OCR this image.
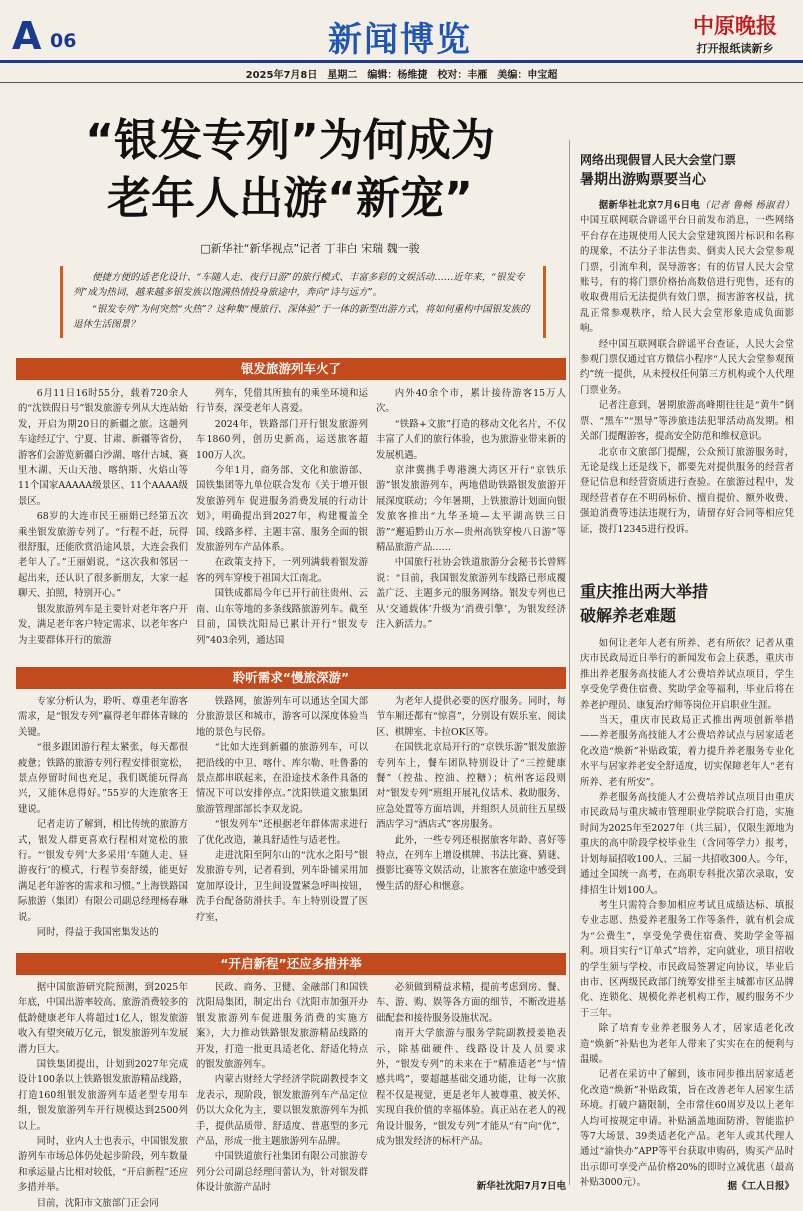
A 06	新闻博览	中原晚报
打开报纸读新乡
2025年7月8日　星期二　编辑：杨维捷　校对：丰雁　美编：申宝超
“银发专列”为何成为
老年人出游“新宠”
□新华社“新华视点”记者 丁非白 宋瑞 魏一骏

便捷方便的适老化设计、“车随人走、夜行日游”的旅行模式、丰富多彩的文娱活动……近年来，“银发专列”成为热词，越来越多银发族以饱满热情投身旅途中，奔向“诗与远方”。

“银发专列”为何突然“火热”？这种集“慢旅行、深体验”于一体的新型出游方式，将如何重构中国银发族的退休生活图景？

银发旅游列车火了

6月11日16时55分，载着720余人的“沈铁假日号”银发旅游专列从大连站始发，开启为期20日的新疆之旅。这趟列车途经辽宁、宁夏、甘肃、新疆等省份，游客们会游览新疆白沙湖、喀什古城、赛里木湖、天山天池、喀纳斯、火焰山等11个国家AAAAA级景区、11个AAAA级景区。

68岁的大连市民王丽娟已经第五次乘坐银发旅游专列了。“行程不赶，玩得很舒服，还能欣赏沿途风景，大连会我们老年人了。”王丽娟说，“这次我和邻居一起出来，还认识了很多新朋友，大家一起聊天、拍照，特别开心。”

银发旅游列车是主要针对老年客户开发，满足老年客户特定需求、以老年客户为主要群体开行的旅游

列车，凭借其所独有的乘坐环境和运行节奏，深受老年人喜爱。

2024年，铁路部门开行银发旅游列车1860列，创历史新高，运送旅客超100万人次。

今年1月，商务部、文化和旅游部、国铁集团等九单位联合发布《关于增开银发旅游列车 促进服务消费发展的行动计划》，明确提出到2027年，构建覆盖全国、线路多样、主题丰富、服务全面的银发旅游列车产品体系。

在政策支持下，一列列满载着银发游客的列车穿梭于祖国大江南北。

国铁成都局今年已开行前往贵州、云南、山东等地的多条线路旅游列车。截至目前，国铁沈阳局已累计开行“银发专列”403余列，通达国

内外40余个市，累计接待游客15万人次。

“铁路+文旅”打造的移动文化名片，不仅丰富了人们的旅行体验，也为旅游业带来新的发展机遇。

京津冀携手粤港澳大湾区开行“京铁乐游”银发旅游列车，两地借助铁路银发旅游开展深度联动；今年暑期，上铁旅游计划面向银发旅客推出“九华圣境—太平湖高铁三日游”“邂逅黔山万水—贵州高铁穿梭八日游”等精品旅游产品……

中国旅行社协会铁道旅游分会秘书长曾辉说：“目前，我国银发旅游列车线路已形成覆盖广泛、主题多元的服务网络。银发专列也已从‘交通载体’升级为‘消费引擎’，为银发经济注入新活力。”

聆听需求“慢旅深游”

专家分析认为，聆听、尊重老年游客需求，是“银发专列”赢得老年群体青睐的关键。

“很多跟团游行程太紧张，每天都很疲惫；铁路的旅游专列行程安排很宽松，景点停留时间也充足，我们既能玩得高兴，又能休息得好。”55岁的大连旅客王建说。

记者走访了解到，相比传统的旅游方式，银发人群更喜欢行程相对宽松的旅行。“‘银发专列’大多采用‘车随人走、昼游夜行’的模式，行程节奏舒缓，能更好满足老年游客的需求和习惯。”上海铁路国际旅游（集团）有限公司副总经理杨春琳说。

同时，得益于我国密集发达的

铁路网，旅游列车可以通达全国大部分旅游景区和城市，游客可以深度体验当地的景色与民俗。

“比如大连到新疆的旅游列车，可以把沿线的中卫、喀什、库尔勒、吐鲁番的景点都串联起来，在沿途技术条件具备的情况下可以安排停点。”沈阳铁道文旅集团旅游管理部部长李双龙说。

“银发列车”还根据老年群体需求进行了优化改造，兼具舒适性与适老性。

走进沈阳至阿尔山的“沈水之阳号”银发旅游专列，记者看到，列车卧铺采用加宽加厚设计，卫生间设置紧急呼叫按钮，洗手台配备防滑扶手。车上特别设置了医疗室，

为老年人提供必要的医疗服务。同时，每节车厢还都有“惊喜”，分别设有娱乐室、阅读区、棋牌室、卡拉OK区等。

在国铁北京局开行的“京铁乐游”银发旅游专列车上，餐车团队特别设计了“三控健康餐”（控盐、控油、控糖）；杭州客运段则对“银发专列”班组开展礼仪话术、救助服务、应急处置等方面培训，并组织人员前往五星级酒店学习“酒店式”客房服务。

此外，一些专列还根据旅客年龄、喜好等特点，在列车上增设棋牌、书法比赛、猜谜、摄影比赛等文娱活动，让旅客在旅途中感受到慢生活的舒心和惬意。

“开启新程”还应多措并举

据中国旅游研究院预测，到2025年年底，中国出游率较高、旅游消费较多的低龄健康老年人将超过1亿人，银发旅游收入有望突破万亿元，银发旅游列车发展潜力巨大。

国铁集团提出，计划到2027年完成设计100条以上铁路银发旅游精品线路，打造160组银发旅游列车适老型专用车组，银发旅游列车开行规模达到2500列以上。

同时，业内人士也表示，中国银发旅游列车市场总体仍处起步阶段，列车数量和承运量占比相对较低，“开启新程”还应多措并举。

目前，沈阳市文旅部门正会同

民政、商务、卫健、金融部门和国铁沈阳局集团，制定出台《沈阳市加强开办银发旅游列车促进服务消费的实施方案》，大力推动铁路银发旅游精品线路的开发，打造一批更具适老化、舒适化特点的银发旅游列车。

内蒙古财经大学经济学院副教授李文龙表示，现阶段，银发旅游列车产品定位仍以大众化为主，要以银发旅游列车为抓手，提供品质带、舒适度、普惠型的多元产品，形成一批主题旅游列车品牌。

中国铁道旅行社集团有限公司旅游专列分公司副总经理闫蕾认为，针对银发群体设计旅游产品时

必须做到精益求精，提前考虑到房、餐、车、游、购、娱等各方面的细节，不断改进基础配套和接待服务设施状况。

南开大学旅游与服务学院副教授姜艳表示，除基础硬件、线路设计及人员要求外，“银发专列”的未来在于“精准适老”与“情感共鸣”，要超越基础交通功能，让每一次旅程不仅是视觉，更是老年人被尊重、被关怀、实现自我价值的幸福体验。真正站在老人的视角设计服务，“银发专列”才能从“有”向“优”，成为银发经济的标杆产品。

新华社沈阳7月7日电
网络出现假冒人民大会堂门票
暑期出游购票要当心

据新华社北京7月6日电（记者 鲁畅 杨淑君）中国互联网联合辟谣平台日前发布消息，一些网络平台存在违规使用人民大会堂建筑图片标识和名称的现象，不法分子非法售卖、倒卖人民大会堂参观门票，引流牟利，误导游客；有的仿冒人民大会堂账号，有的将门票价格抬高数倍进行兜售，还有的收取费用后无法提供有效门票，损害游客权益，扰乱正常参观秩序，给人民大会堂形象造成负面影响。

经中国互联网联合辟谣平台查证，人民大会堂参观门票仅通过官方微信小程序“人民大会堂参观预约”统一提供，从未授权任何第三方机构或个人代理门票业务。

记者注意到，暑期旅游高峰期往往是“黄牛”倒票、“黑车”“黑导”等涉旅违法犯罪活动高发期。相关部门提醒游客，提高安全防范和维权意识。

北京市文旅部门提醒，公众预订旅游服务时，无论是线上还是线下，都要先对提供服务的经营者登记信息和经营资质进行查验。在旅游过程中，发现经营者存在不明码标价、擅自提价、额外收费、强迫消费等违法违规行为，请留存好合同等相应凭证，拨打12345进行投诉。

重庆推出两大举措
破解养老难题

如何让老年人老有所养、老有所依？记者从重庆市民政局近日举行的新闻发布会上获悉，重庆市推出养老服务高技能人才公费培养试点项目，学生享受免学费住宿费、奖助学金等福利，毕业后将在养老护理员、康复治疗师等岗位开启职业生涯。

当天，重庆市民政局正式推出两项创新举措——养老服务高技能人才公费培养试点与居家适老化改造“焕新”补贴政策，着力提升养老服务专业化水平与居家养老安全舒适度，切实保障老年人“老有所养、老有所安”。

养老服务高技能人才公费培养试点项目由重庆市民政局与重庆城市管理职业学院联合打造，实施时间为2025年至2027年（共三届），仅限生源地为重庆的高中阶段学校毕业生（含同等学力）报考，计划每届招收100人、三届一共招收300人。今年，通过全国统一高考，在高职专科批次第次录取，安排招生计划100人。

考生只需符合参加相应考试且成绩达标、填报专业志愿、热爱养老服务工作等条件，就有机会成为“公费生”，享受免学费住宿费、奖助学金等福利。项目实行“订单式”培养，定向就业，项目招收的学生须与学校、市民政局签署定向协议，毕业后由市、区两级民政部门统筹安排至主城都市区品牌化、连锁化、规模化养老机构工作，履约服务不少于三年。

除了培育专业养老服务人才，居家适老化改造“焕新”补贴也为老年人带来了实实在在的便利与温暖。

记者在采访中了解到，该市同步推出居家适老化改造“焕新”补贴政策，旨在改善老年人居家生活环境。打破户籍限制，全市常住60周岁及以上老年人均可按规定申请。补贴涵盖地面防滑、智能监护等7大场景、39类适老化产品。老年人或其代理人通过“渝快办”APP等平台获取申购码，购买产品时出示即可享受产品价格20%的即时立减优惠（最高补贴3000元）。	据《工人日报》
